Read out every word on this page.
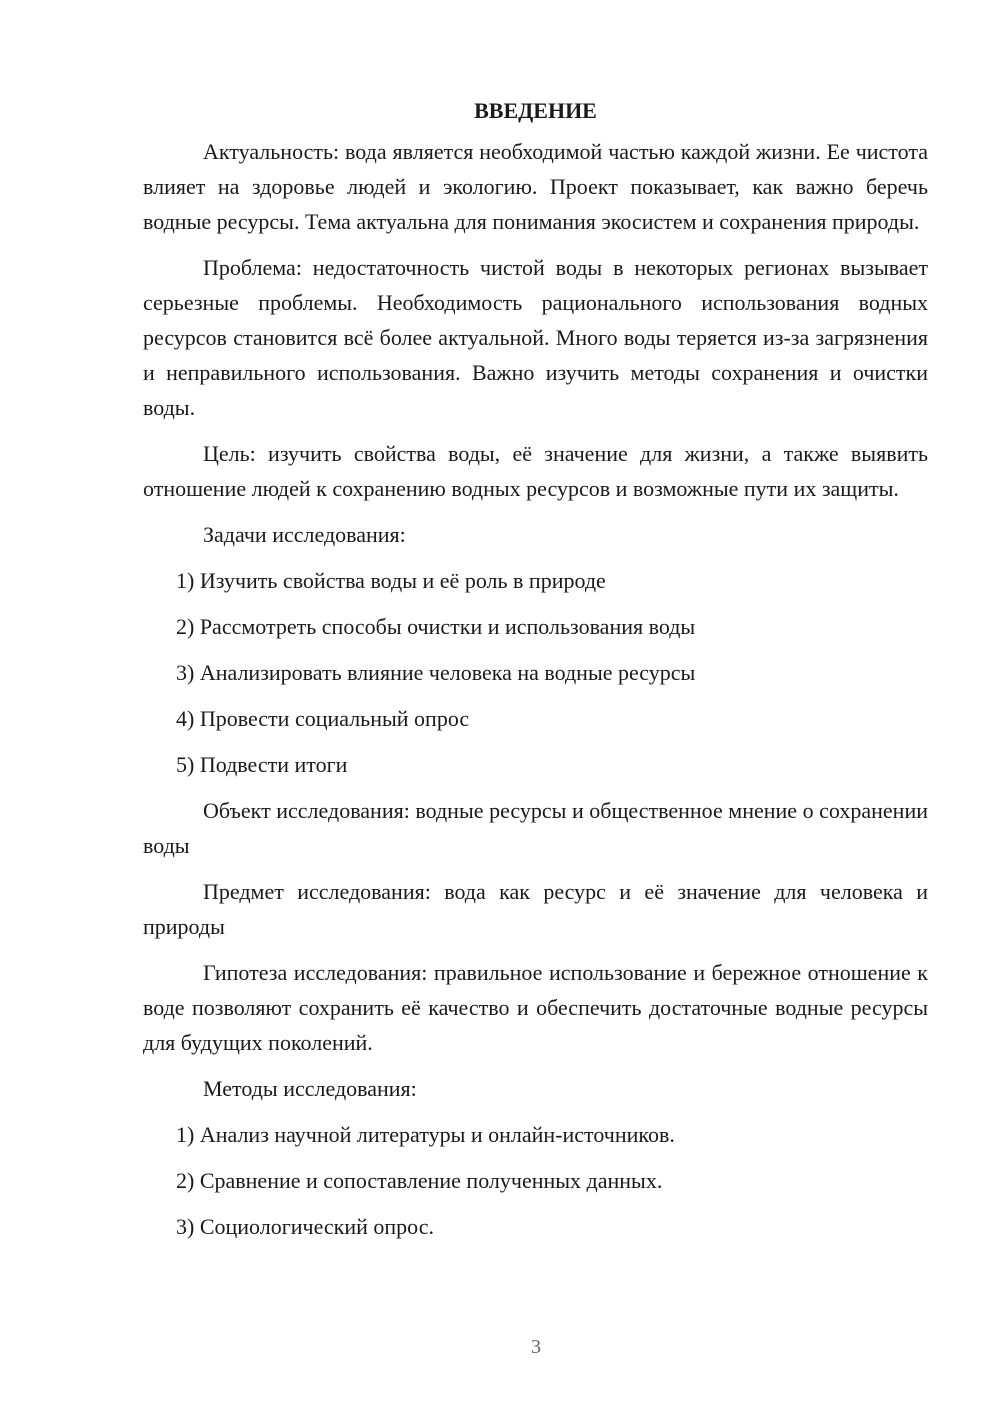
ВВЕДЕНИЕ

Актуальность: вода является необходимой частью каждой жизни. Ее чистота влияет на здоровье людей и экологию. Проект показывает, как важно беречь водные ресурсы. Тема актуальна для понимания экосистем и сохранения природы.

Проблема: недостаточность чистой воды в некоторых регионах вызывает серьезные проблемы. Необходимость рационального использования водных ресурсов становится всё более актуальной. Много воды теряется из-за загрязнения и неправильного использования. Важно изучить методы сохранения и очистки воды.

Цель: изучить свойства воды, её значение для жизни, а также выявить отношение людей к сохранению водных ресурсов и возможные пути их защиты.

Задачи исследования:
1) Изучить свойства воды и её роль в природе
2) Рассмотреть способы очистки и использования воды
3) Анализировать влияние человека на водные ресурсы
4) Провести социальный опрос
5) Подвести итоги

Объект исследования: водные ресурсы и общественное мнение о сохранении воды

Предмет исследования: вода как ресурс и её значение для человека и природы

Гипотеза исследования: правильное использование и бережное отношение к воде позволяют сохранить её качество и обеспечить достаточные водные ресурсы для будущих поколений.

Методы исследования:
1) Анализ научной литературы и онлайн-источников.
2) Сравнение и сопоставление полученных данных.
3) Социологический опрос.
3
